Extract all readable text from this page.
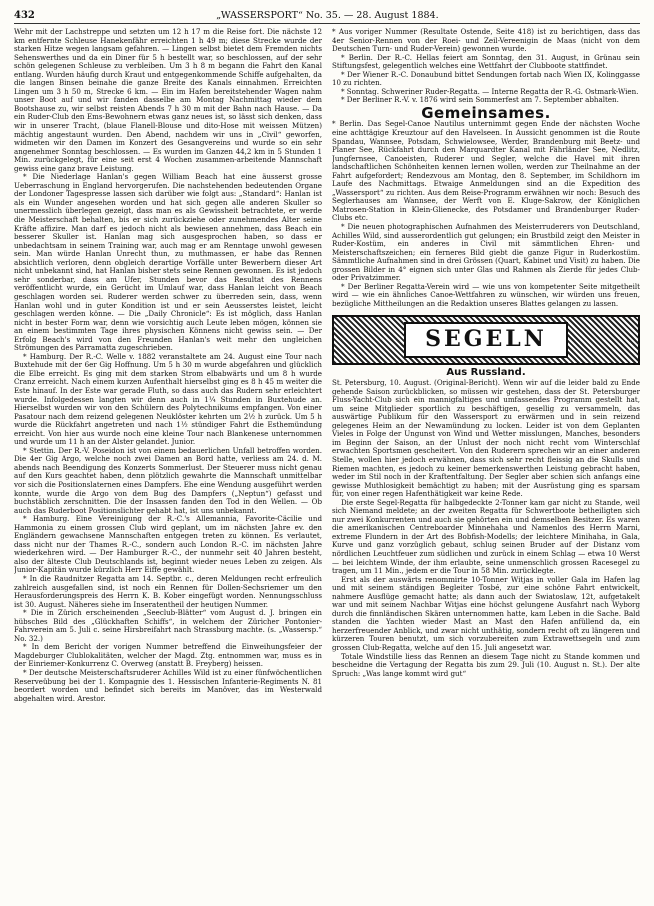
432	„WASSERSPORT“ No. 35. — 28. August 1884.

Wehr mit der Lachstreppe und setzten um 12 h 17 m die Reise fort. Die nächste 12 km entfernte Schleuse Hanekenfähr erreichten 1 h 49 m; diese Strecke wurde der starken Hitze wegen langsam gefahren. — Lingen selbst bietet dem Fremden nichts Sehenswerthes und da ein Diner für 5 h bestellt war, so beschlossen, auf der sehr schön gelegenen Schleuse zu verbleiben. Um 3 h 8 m begann die Fahrt den Kanal entlang. Wurden häufig durch Kraut und entgegenkommende Schiffe aufgehalten, da die langen Binsen beinahe die ganze Breite des Kanals einnahmen. Erreichten Lingen um 3 h 50 m, Strecke 6 km. — Ein im Hafen bereitstehender Wagen nahm unser Boot auf und wir fanden dasselbe am Montag Nachmittag wieder dem Bootshause zu, wir selbst reisten Abends 7 h 30 m mit der Bahn nach Hause. — Da ein Ruder-Club den Ems-Bewohnern etwas ganz neues ist, so lässt sich denken, dass wir in unserer Tracht, (blaue Flanell-Blouse und dito-Hose mit weissen Mützen) mächtig angestaunt wurden. Den Abend, nachdem wir uns in „Civil“ geworfen, widmeten wir den Damen im Konzert des Gesangvereins und wurde so ein sehr angenehmer Sonntag beschlossen. — Es wurden im Ganzen 44,2 km in 5 Stunden 1 Min. zurückgelegt, für eine seit erst 4 Wochen zusammen-arbeitende Mannschaft gewiss eine ganz brave Leistung.

* Die Niederlage Hanlan's gegen William Beach hat eine äusserst grosse Ueberraschung in England hervorgerufen. Die nachstehenden bedeutenden Organe der Londoner Tagespresse lassen sich darüber wie folgt aus: „Standard“: Hanlan ist als ein Wunder angesehen worden und hat sich gegen alle anderen Skuller so unermesslich überlegen gezeigt, dass man es als Gewissheit betrachtete, er werde die Meisterschaft behalten, bis er sich zurückziehe oder zunehmendes Alter seine Kräfte affizire. Man darf es jedoch nicht als bewiesen annehmen, dass Beach ein besserer Skuller ist. Hanlan mag sich ausgesprochen haben, so dass er unbedachtsam in seinem Training war, auch mag er am Renntage unwohl gewesen sein. Man würde Hanlan Unrecht thun, zu muthmassen, er habe das Rennen absichtlich verloren, denn obgleich derartige Vorfälle unter Bewerbern dieser Art nicht unbekannt sind, hat Hanlan bisher stets seine Rennen gewonnen. Es ist jedoch sehr sonderbar, dass am Ufer, Stunden bevor das Resultat des Rennens veröffentlicht wurde, ein Gerücht im Umlauf war, dass Hanlan leicht von Beach geschlagen worden sei. Ruderer werden schwer zu überreden sein, dass, wenn Hanlan wohl und in guter Kondition ist und er sein Aeusserstes leistet, leicht geschlagen werden könne. — Die „Daily Chronicle“: Es ist möglich, dass Hanlan nicht in bester Form war, denn wie vorsichtig auch Leute leben mögen, können sie an einem bestimmten Tage ihres physischen Könnens nicht gewiss sein. — Der Erfolg Beach's wird von den Freunden Hanlan's weit mehr den ungleichen Strömungen des Parramatta zugeschrieben.

* Hamburg. Der R.-C. Welle v. 1882 veranstaltete am 24. August eine Tour nach Buxtehude mit der 6er Gig Hoffnung. Um 5 h 30 m wurde abgefahren und glücklich die Elbe erreicht. Es ging mit dem starken Strom elbabwärts und um 8 h wurde Cranz erreicht. Nach einem kurzen Aufenthalt hierselbst ging es 8 h 45 m weiter die Este hinauf. In der Este war gerade Fluth, so dass auch das Rudern sehr erleichtert wurde. Infolgedessen langten wir denn auch in 1¼ Stunden in Buxtehude an. Hierselbst wurden wir von den Schülern des Polytechnikums empfangen. Von einer Pasatour nach dem reizend gelegenen Neuklöster kehrten um 2½ h zurück. Um 5 h wurde die Rückfahrt angetreten und nach 1½ stündiger Fahrt die Esthemündung erreicht. Von hier aus wurde noch eine kleine Tour nach Blankenese unternommen und wurde um 11 h an der Alster gelandet. Junior.

* Stettin. Der R.-V. Poseidon ist von einem bedauerlichen Unfall betroffen worden. Die 4er Gig Argo, welche noch zwei Damen an Bord hatte, verliess am 24. d. M. abends nach Beendigung des Konzerts Sommerlust. Der Steuerer muss nicht genau auf den Kurs geachtet haben, denn plötzlich gewahrte die Mannschaft unmittelbar vor sich die Positionslaternen eines Dampfers. Ehe eine Wendung ausgeführt werden konnte, wurde die Argo von dem Bug des Dampfers („Neptun“) gefasst und buchstäblich zerschnitten. Die der Insassen fanden den Tod in den Wellen. — Ob auch das Ruderboot Positionslichter gehabt hat, ist uns unbekannt.

* Hamburg. Eine Vereinigung der R.-C.'s Allemannia, Favorite-Cäcilie und Hammonia zu einem grossen Club wird geplant, um im nächsten Jahre ev. den Engländern gewachsene Mannschaften entgegen treten zu können. Es verlautet, dass nicht nur der Thames R.-C., sondern auch London R.-C. im nächsten Jahre wiederkehren wird. — Der Hamburger R.-C., der nunmehr seit 40 Jahren besteht, also der älteste Club Deutschlands ist, beginnt wieder neues Leben zu zeigen. Als Junior-Kapitän wurde kürzlich Herr Eiffe gewählt.

* In die Raudnitzer Regatta am 14. Septbr. c., deren Meldungen recht erfreulich zahlreich ausgefallen sind, ist noch ein Rennen für Dollen-Sechsriemer um den Herausforderungspreis des Herrn K. B. Kober eingefügt worden. Nennungsschluss ist 30. August. Näheres siehe im Inseratentheil der heutigen Nummer.

* Die in Zürich erscheinenden „Seeclub-Blätter“ vom August d. J. bringen ein hübsches Bild des „Glückhaften Schiffs“, in welchem der Züricher Pontonier-Fahrverein am 5. Juli c. seine Hirsbreifahrt nach Strassburg machte. (s. „Wassersp.“ No. 32.)

* In dem Bericht der vorigen Nummer betreffend die Einweihungsfeier der Magdeburger Clublokalitäten, welcher der Magd. Ztg. entnommen war, muss es in der Einriemer-Konkurrenz C. Overweg (anstatt B. Freyberg) heissen.

* Der deutsche Meisterschaftsruderer Achilles Wild ist zu einer fünfwöchentlichen Reserveübung bei der 1. Kompagnie des 1. Hessischen Infanterie-Regiments N. 81 beordert worden und befindet sich bereits im Manöver, das im Westerwald abgehalten wird. Arestor.

* Aus voriger Nummer (Resultate Ostende, Seite 418) ist zu berichtigen, dass das 4er Senior-Rennen von der Roei- und Zeil-Vereenigin de Maas (nicht von dem Deutschen Turn- und Ruder-Verein) gewonnen wurde.

* Berlin. Der R.-C. Hellas feiert am Sonntag, den 31. August, in Grünau sein Stiftungsfest, gelegentlich welches eine Wettfahrt der Clubboote stattfindet.

* Der Wiener R.-C. Donaubund bittet Sendungen fortab nach Wien IX, Kolinggasse 10 zu richten.

* Sonntag. Schweriner Ruder-Regatta. — Interne Regatta der R.-G. Ostmark-Wien.

* Der Berliner R.-V. v. 1876 wird sein Sommerfest am 7. September abhalten.

Gemeinsames.

* Berlin. Das Segel-Canoe Nautilus unternimmt gegen Ende der nächsten Woche eine achttägige Kreuztour auf den Havelseen. In Aussicht genommen ist die Route Spandau, Wannsee, Potsdam, Schwielowsee, Werder, Brandenburg mit Beetz- und Planer See, Rückfahrt durch den Marquardter Kanal mit Fährländer See, Nedlitz, Jungfernsee, Canoeisten, Ruderer und Segler, welche die Havel mit ihren landschaftlichen Schönheiten kennen lernen wollen, werden zur Theilnahme an der Fahrt aufgefordert; Rendezvous am Montag, den 8. September, im Schildhorn im Laufe des Nachmittags. Etwaige Anmeldungen sind an die Expedition des „Wassersport“ zu richten. Aus dem Reise-Programm erwähnen wir noch: Besuch des Seglerhauses am Wannsee, der Werft von E. Kluge-Sakrow, der Königlichen Matrosen-Station in Klein-Glienecke, des Potsdamer und Brandenburger Ruder-Clubs etc.

* Die neuen photographischen Aufnahmen des Meisterruderers von Deutschland, Achilles Wild, sind ausserordentlich gut gelungen; ein Brustbild zeigt den Meister in Ruder-Kostüm, ein anderes in Civil mit sämmtlichen Ehren- und Meisterschaftszeichen; ein ferneres Bild giebt die ganze Figur in Ruderkostüm. Sämmtliche Aufnahmen sind in drei Grössen (Quart, Kabinet und Visit) zu haben. Die grossen Bilder in 4° eignen sich unter Glas und Rahmen als Zierde für jedes Club- oder Privatzimmer.

* Der Berliner Regatta-Verein wird — wie uns von kompetenter Seite mitgetheilt wird — wie ein ähnliches Canoe-Wettfahren zu wünschen, wir würden uns freuen, bezügliche Mittheilungen an die Redaktion unseres Blattes gelangen zu lassen.

SEGELN
Aus Russland.

St. Petersburg, 10. August. (Original-Bericht). Wenn wir auf die leider bald zu Ende gehende Saison zurückblicken, so müssen wir gestehen, dass der St. Petersburger Fluss-Yacht-Club sich ein mannigfaltiges und umfassendes Programm gestellt hat, um seine Mitglieder sportlich zu beschäftigen, gesellig zu versammeln, das auswärtige Publikum für den Wassersport zu erwärmen und in sein reizend gelegenes Heim an der Newamündung zu locken. Leider ist von dem Geplanten Vieles in Folge der Ungunst von Wind und Wetter misslungen, Manches, besonders im Beginn der Saison, an der Unlust der noch nicht recht vom Winterschlaf erwachten Sportsmen gescheitert. Von den Ruderern sprechen wir an einer anderen Stelle, wollen hier jedoch erwähnen, dass sich sehr recht fleissig an die Skulls und Riemen machten, es jedoch zu keiner bemerkenswerthen Leistung gebracht haben, weder im Stil noch in der Kraftentfaltung. Der Segler aber schien sich anfangs eine gewisse Muthlosigkeit bemächtigt zu haben; mit der Ausrüstung ging es sparsam für, von einer regen Hafenthätigkeit war keine Rede.

Die erste Segel-Regatta für halbgedeckte 2-Tonner kam gar nicht zu Stande, weil sich Niemand meldete; an der zweiten Regatta für Schwertboote betheiligten sich nur zwei Konkurrenten und auch sie gehörten ein und demselben Besitzer. Es waren die amerikanischen Centreboarder Minnehaha und Namenlos des Herrn Marni, extreme Flundern in der Art des Bobfish-Modells; der leichtere Minihaha, in Gala, Kurve und ganz vorzüglich gebaut, schlug seinen Bruder auf der Distanz vom nördlichen Leuchtfeuer zum südlichen und zurück in einem Schlag — etwa 10 Werst — bei leichtem Winde, der ihm erlaubte, seine unmenschlich grossen Racesegel zu tragen, um 11 Min., jedem er die Tour in 58 Min. zurücklegte.

Erst als der auswärts renommirte 10-Tonner Witjas in voller Gala im Hafen lag und mit seinem ständigen Begleiter Tosbé, zur eine schöne Fahrt entwickelt, nahmere Ausflüge gemacht hatte; als dann auch der Swiatoslaw, 12t, aufgetakelt war und mit seinem Nachbar Witjas eine höchst gelungene Ausfahrt nach Wyborg durch die finnländischen Skären unternommen hatte, kam Leben in die Sache. Bald standen die Yachten wieder Mast an Mast den Hafen anfüllend da, ein herzerfreuender Anblick, und zwar nicht unthätig, sondern recht oft zu längeren und kürzeren Touren benutzt, um sich vorzubereiten zum Extrawettsegeln und zum grossen Club-Regatta, welche auf den 15. Juli angesetzt war.

Totale Windstille liess das Rennen an diesem Tage nicht zu Stande kommen und bescheidne die Vertagung der Regatta bis zum 29. Juli (10. August n. St.). Der alte Spruch: „Was lange kommt wird gut“
